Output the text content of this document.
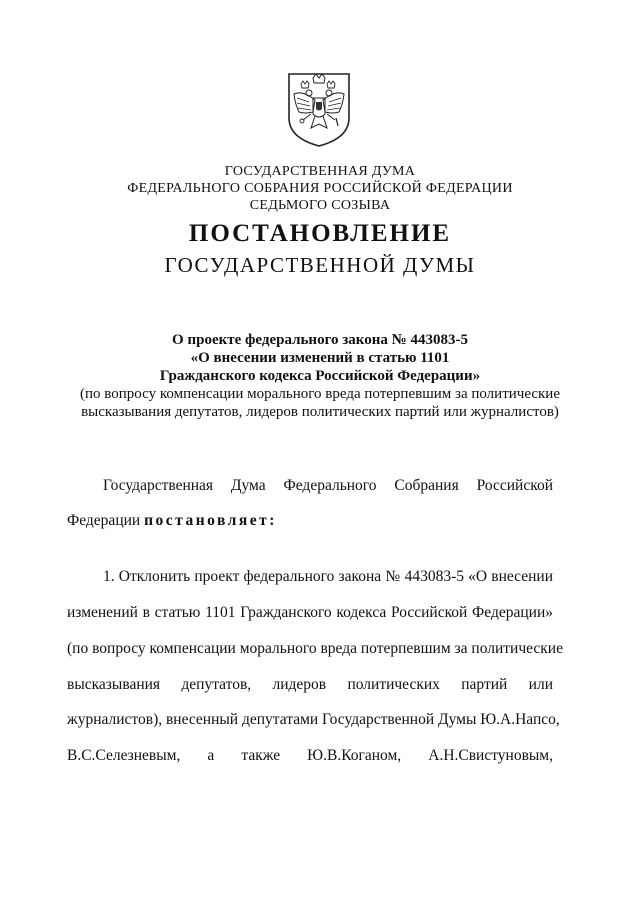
ГОСУДАРСТВЕННАЯ ДУМА
ФЕДЕРАЛЬНОГО СОБРАНИЯ РОССИЙСКОЙ ФЕДЕРАЦИИ
СЕДЬМОГО СОЗЫВА
ПОСТАНОВЛЕНИЕ
ГОСУДАРСТВЕННОЙ ДУМЫ
О проекте федерального закона № 443083-5
«О внесении изменений в статью 1101
Гражданского кодекса Российской Федерации»
(по вопросу компенсации морального вреда потерпевшим за политические
высказывания депутатов, лидеров политических партий или журналистов)
Государственная Дума Федерального Собрания Российской
Федерации постановляет:
1. Отклонить проект федерального закона № 443083-5 «О внесении
изменений в статью 1101 Гражданского кодекса Российской Федерации»
(по вопросу компенсации морального вреда потерпевшим за политические
высказывания депутатов, лидеров политических партий или
журналистов), внесенный депутатами Государственной Думы Ю.А.Напсо,
В.С.Селезневым, а также Ю.В.Коганом, А.Н.Свистуновым,
